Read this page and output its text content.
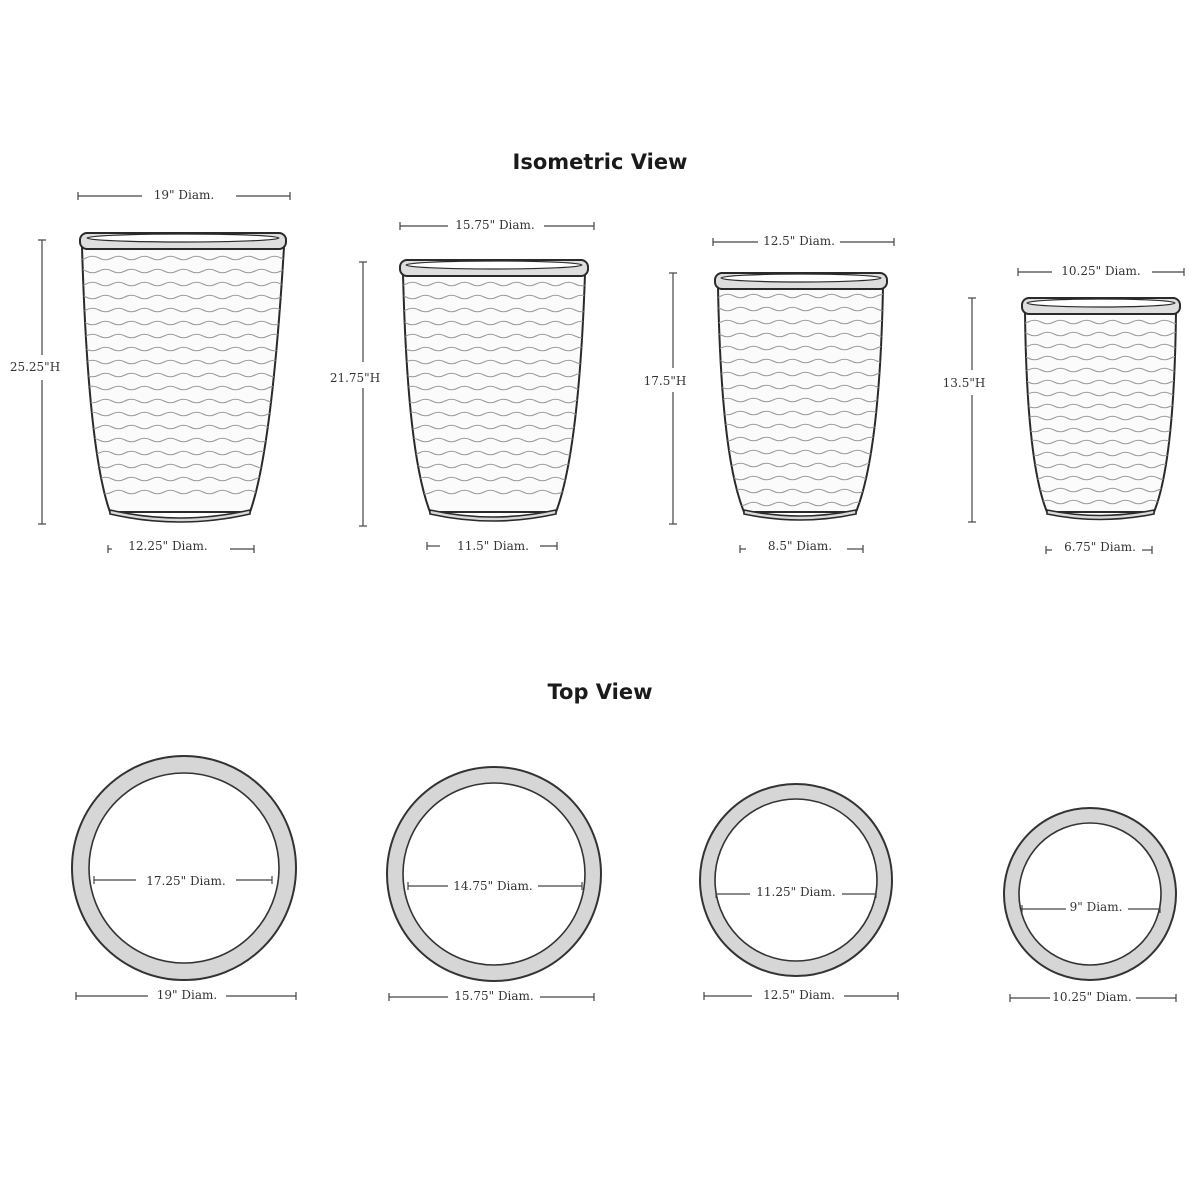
Isometric View
Top View
19" Diam.
25.25"H
12.25" Diam.
15.75" Diam.
21.75"H
11.5" Diam.
12.5" Diam.
17.5"H
8.5" Diam.
10.25" Diam.
13.5"H
6.75" Diam.
17.25" Diam.
19" Diam.
14.75" Diam.
15.75" Diam.
11.25" Diam.
12.5" Diam.
9" Diam.
10.25" Diam.
